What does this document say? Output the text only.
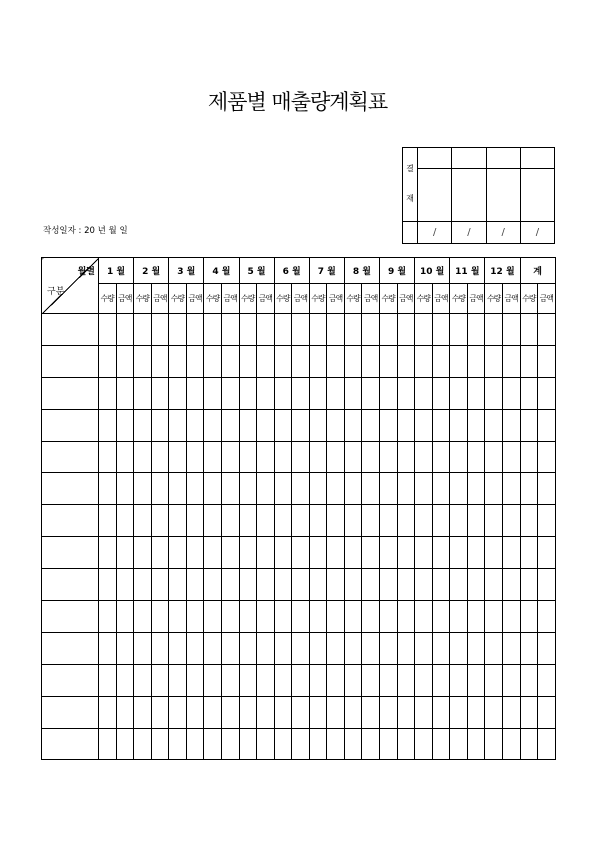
제품별 매출량계획표
작성일자 : 20 년 월 일
결
재				

	/	/	/	/
월별
구분	1 월		2 월		3 월		4 월		5 월		6 월		7 월		8 월		9 월		10 월		11 월		12 월		계	
	수량	금액	수량	금액	수량	금액	수량	금액	수량	금액	수량	금액	수량	금액	수량	금액	수량	금액	수량	금액	수량	금액	수량	금액	수량	금액
